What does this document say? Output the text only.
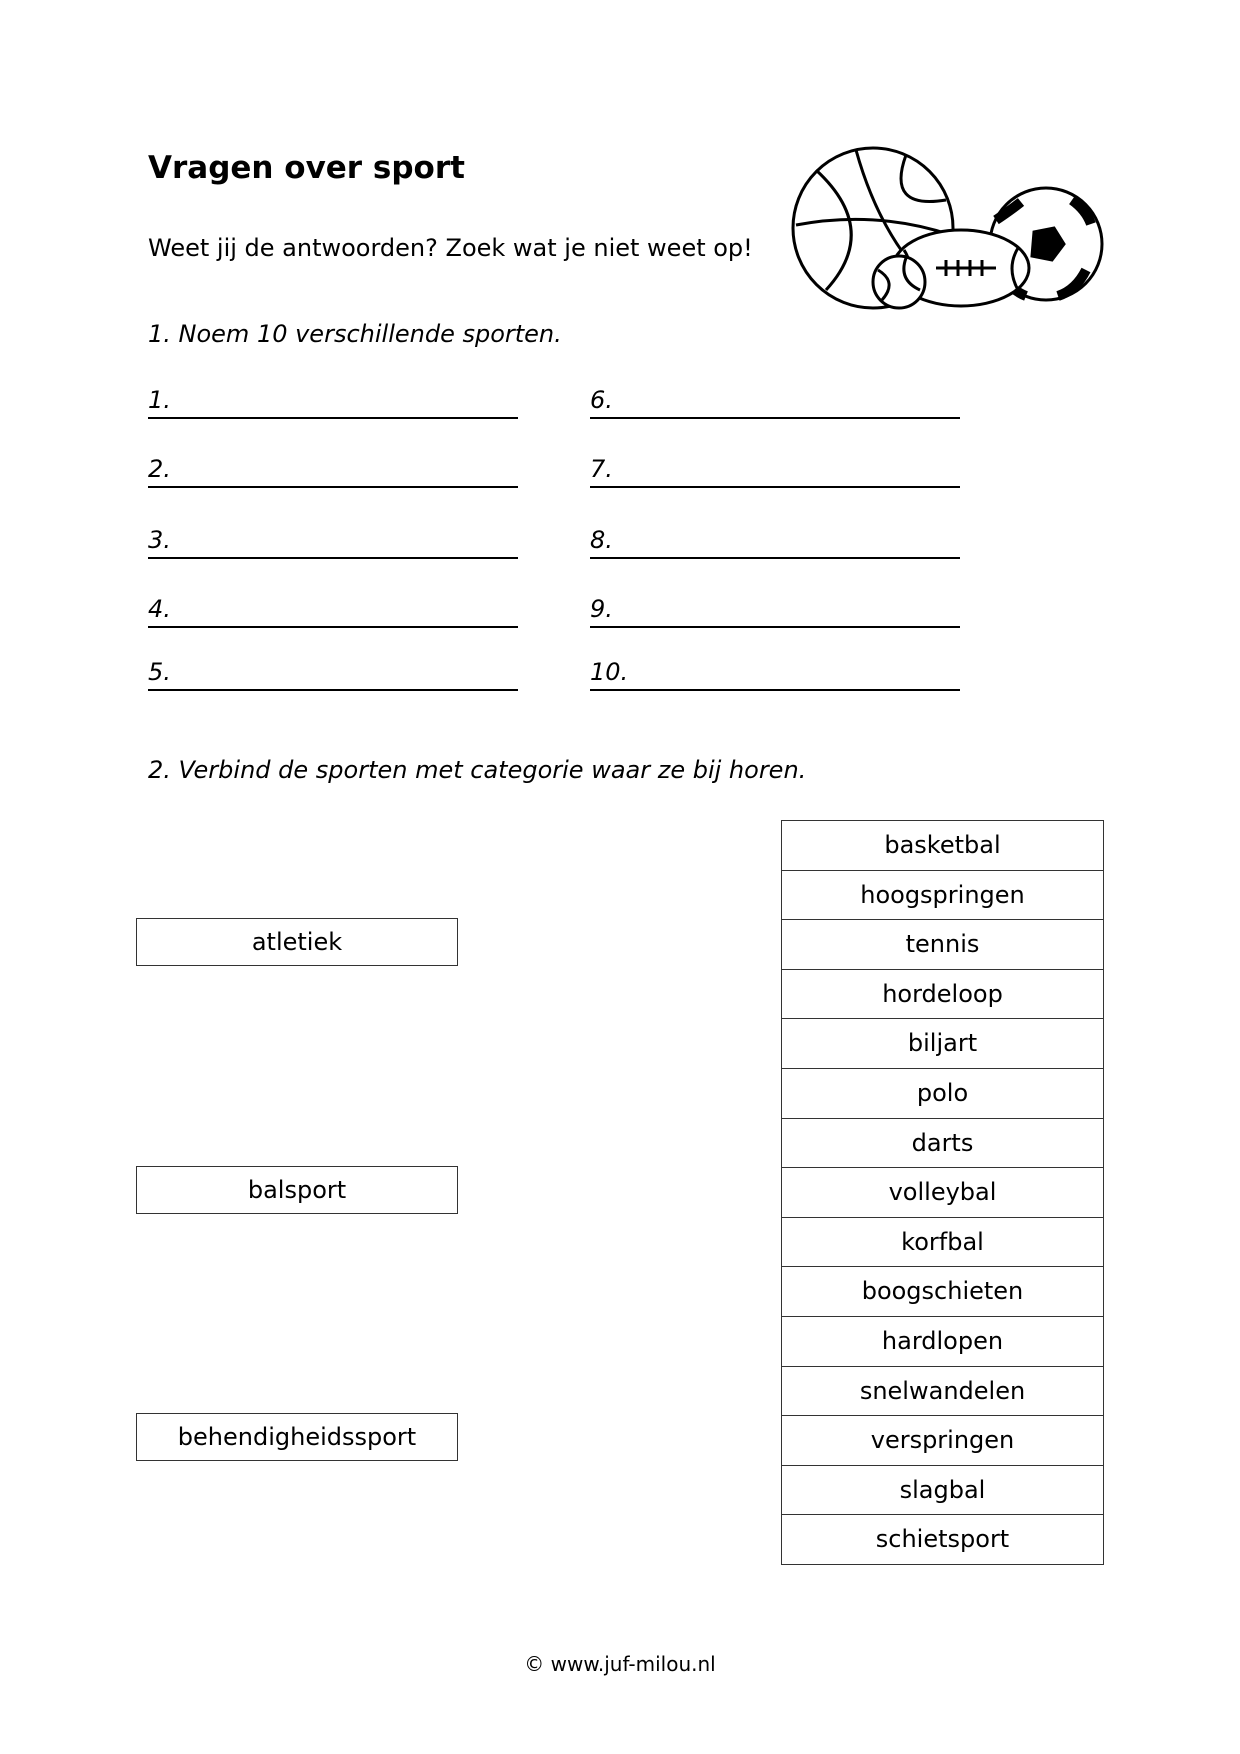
Vragen over sport
Weet jij de antwoorden? Zoek wat je niet weet op!
1. Noem 10 verschillende sporten.
1.
2.
3.
4.
5.
6.
7.
8.
9.
10.
2. Verbind de sporten met categorie waar ze bij horen.
atletiek
balsport
behendigheidssport
basketbal
hoogspringen
tennis
hordeloop
biljart
polo
darts
volleybal
korfbal
boogschieten
hardlopen
snelwandelen
verspringen
slagbal
schietsport
© www.juf-milou.nl
